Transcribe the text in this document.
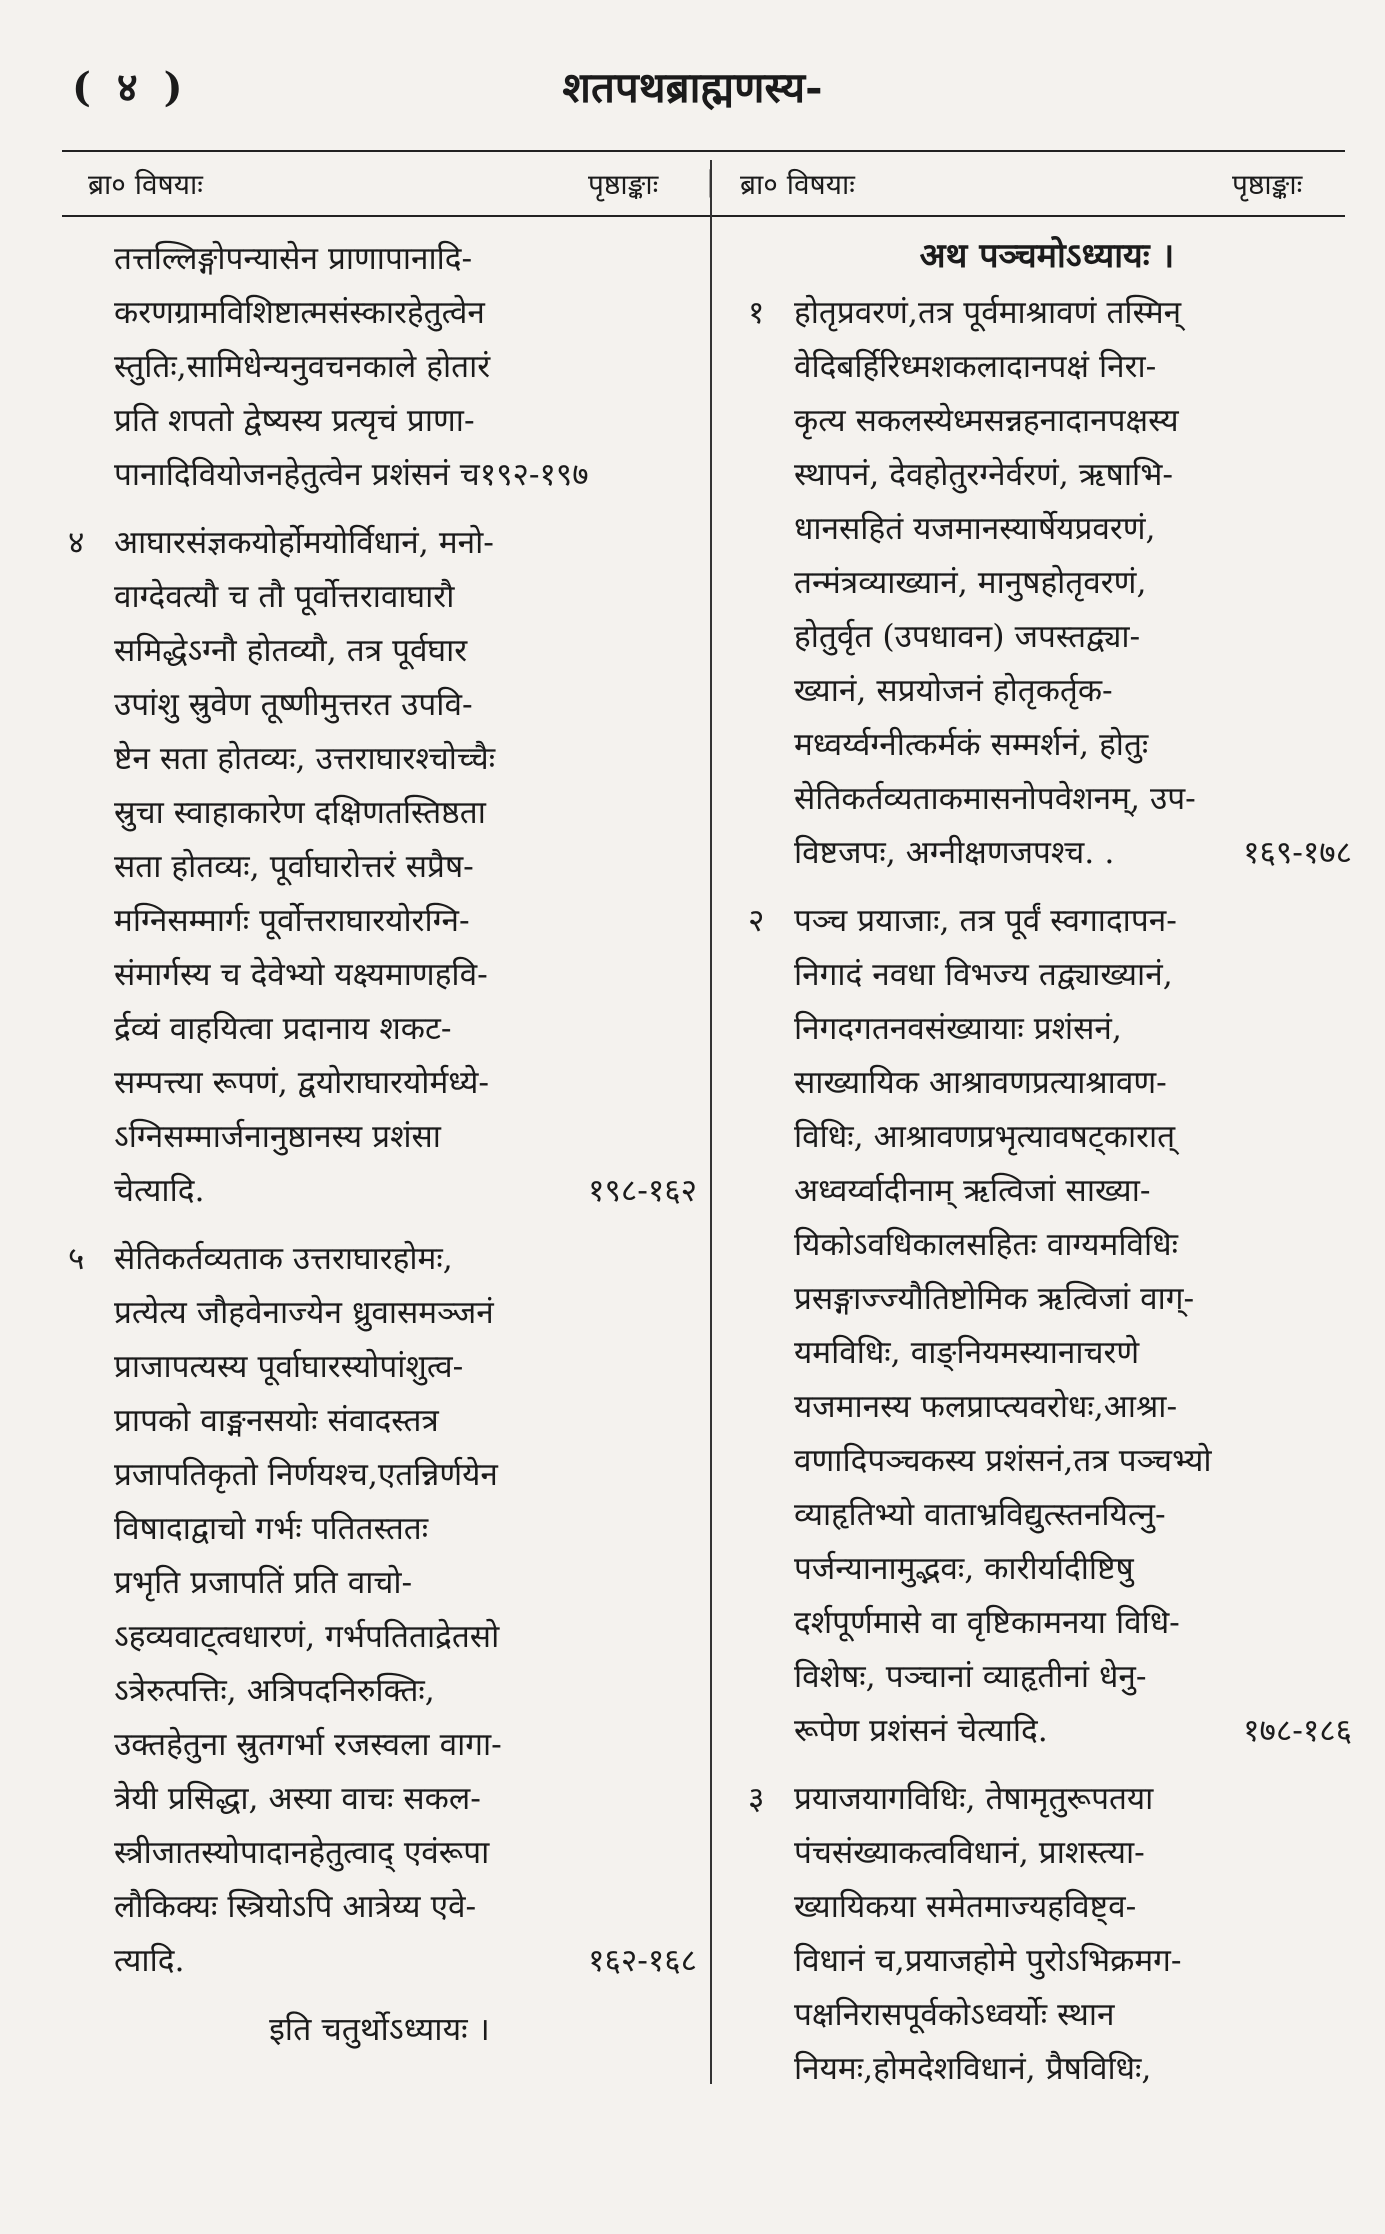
( ४ )	शतपथब्राह्मणस्य-
ब्रा० विषयाः	पृष्ठाङ्काः | ब्रा० विषयाः	पृष्ठाङ्काः
तत्तल्लिङ्गोपन्यासेन प्राणापानादि-
करणग्रामविशिष्टात्मसंस्कारहेतुत्वेन
स्तुतिः,सामिधेन्यनुवचनकाले होतारं
प्रति शपतो द्वेष्यस्य प्रत्यृचं प्राणा-
पानादिवियोजनहेतुत्वेन प्रशंसनं च१९२-१९७
४ आघारसंज्ञकयोर्होमयोर्विधानं, मनो-
वाग्देवत्यौ च तौ पूर्वोत्तरावाघारौ
समिद्धेऽग्नौ होतव्यौ, तत्र पूर्वघार
उपांशु स्रुवेण तूष्णीमुत्तरत उपवि-
ष्टेन सता होतव्यः, उत्तराघारश्चोच्चैः
स्रुचा स्वाहाकारेण दक्षिणतस्तिष्ठता
सता होतव्यः, पूर्वाघारोत्तरं सप्रैष-
मग्निसम्मार्गः पूर्वोत्तराघारयोरग्नि-
संमार्गस्य च देवेभ्यो यक्ष्यमाणहवि-
र्द्रव्यं वाहयित्वा प्रदानाय शकट-
सम्पत्त्या रूपणं, द्वयोराघारयोर्मध्ये-
ऽग्निसम्मार्जनानुष्ठानस्य प्रशंसा
चेत्यादि.	१९८-१६२
५ सेतिकर्तव्यताक उत्तराघारहोमः,
प्रत्येत्य जौहवेनाज्येन ध्रुवासमञ्जनं
प्राजापत्यस्य पूर्वाघारस्योपांशुत्व-
प्रापको वाङ्मनसयोः संवादस्तत्र
प्रजापतिकृतो निर्णयश्च,एतन्निर्णयेन
विषादाद्वाचो गर्भः पतितस्ततः
प्रभृति प्रजापतिं प्रति वाचो-
ऽहव्यवाट्त्वधारणं, गर्भपतिताद्रेतसो
ऽत्रेरुत्पत्तिः, अत्रिपदनिरुक्तिः,
उक्तहेतुना स्रुतगर्भा रजस्वला वागा-
त्रेयी प्रसिद्धा, अस्या वाचः सकल-
स्त्रीजातस्योपादानहेतुत्वाद् एवंरूपा
लौकिक्यः स्त्रियोऽपि आत्रेय्य एवे-
त्यादि.	१६२-१६८
इति चतुर्थोऽध्यायः ।
अथ पञ्चमोऽध्यायः ।
१ होतृप्रवरणं,तत्र पूर्वमाश्रावणं तस्मिन्
वेदिबर्हिरिध्मशकलादानपक्षं निरा-
कृत्य सकलस्येध्मसन्नहनादानपक्षस्य
स्थापनं, देवहोतुरग्नेर्वरणं, ऋषाभि-
धानसहितं यजमानस्यार्षेयप्रवरणं,
तन्मंत्रव्याख्यानं, मानुषहोतृवरणं,
होतुर्वृत (उपधावन) जपस्तद्व्या-
ख्यानं, सप्रयोजनं होतृकर्तृक-
मध्वर्य्वग्नीत्कर्मकं सम्मर्शनं, होतुः
सेतिकर्तव्यताकमासनोपवेशनम्, उप-
विष्टजपः, अग्नीक्षणजपश्च. .	१६९-१७८
२ पञ्च प्रयाजाः, तत्र पूर्वं स्वगादापन-
निगादं नवधा विभज्य तद्व्याख्यानं,
निगदगतनवसंख्यायाः प्रशंसनं,
साख्यायिक आश्रावणप्रत्याश्रावण-
विधिः, आश्रावणप्रभृत्यावषट्कारात्
अध्वर्य्वादीनाम् ऋत्विजां साख्या-
यिकोऽवधिकालसहितः वाग्यमविधिः
प्रसङ्गाज्ज्यौतिष्टोमिक ऋत्विजां वाग्-
यमविधिः, वाङ्नियमस्यानाचरणे
यजमानस्य फलप्राप्त्यवरोधः,आश्रा-
वणादिपञ्चकस्य प्रशंसनं,तत्र पञ्चभ्यो
व्याहृतिभ्यो वाताभ्रविद्युत्स्तनयित्नु-
पर्जन्यानामुद्भवः, कारीर्यादीष्टिषु
दर्शपूर्णमासे वा वृष्टिकामनया विधि-
विशेषः, पञ्चानां व्याहृतीनां धेनु-
रूपेण प्रशंसनं चेत्यादि.	१७८-१८६
३ प्रयाजयागविधिः, तेषामृतुरूपतया
पंचसंख्याकत्वविधानं, प्राशस्त्या-
ख्यायिकया समेतमाज्यहविष्ट्व-
विधानं च,प्रयाजहोमे पुरोऽभिक्रमग-
पक्षनिरासपूर्वकोऽध्वर्योः स्थान
नियमः,होमदेशविधानं, प्रैषविधिः,
